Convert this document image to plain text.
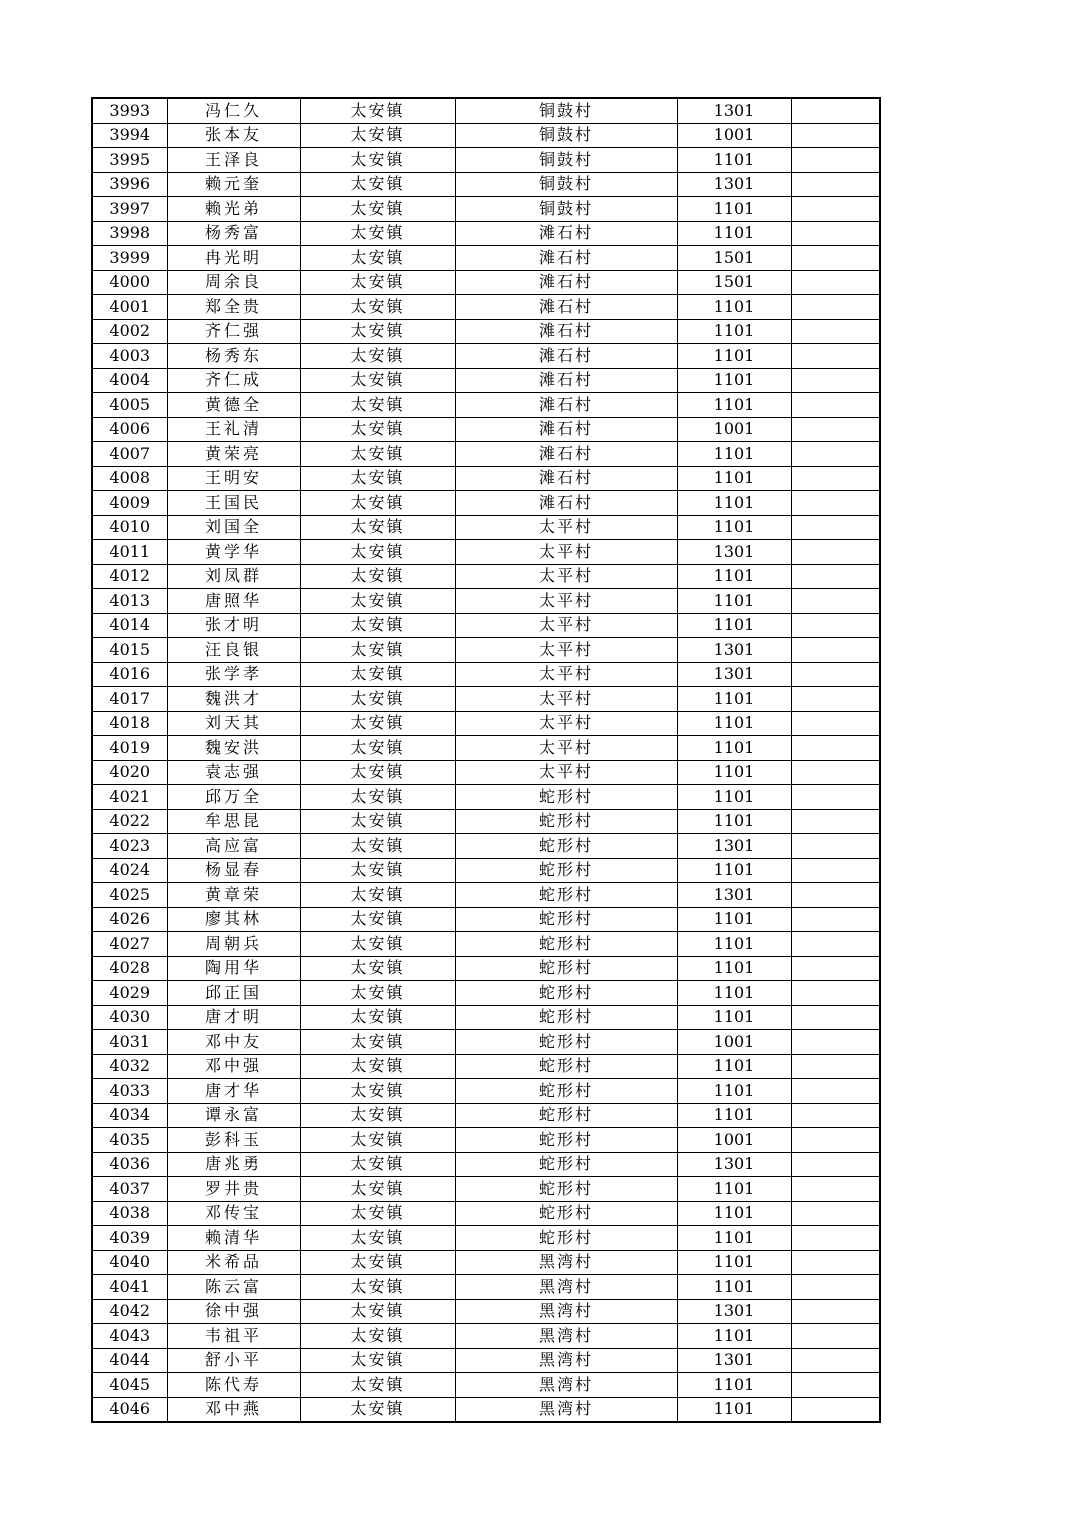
3993	冯仁久	太安镇	铜鼓村	1301	
3994	张本友	太安镇	铜鼓村	1001	
3995	王泽良	太安镇	铜鼓村	1101	
3996	赖元奎	太安镇	铜鼓村	1301	
3997	赖光弟	太安镇	铜鼓村	1101	
3998	杨秀富	太安镇	滩石村	1101	
3999	冉光明	太安镇	滩石村	1501	
4000	周余良	太安镇	滩石村	1501	
4001	郑全贵	太安镇	滩石村	1101	
4002	齐仁强	太安镇	滩石村	1101	
4003	杨秀东	太安镇	滩石村	1101	
4004	齐仁成	太安镇	滩石村	1101	
4005	黄德全	太安镇	滩石村	1101	
4006	王礼清	太安镇	滩石村	1001	
4007	黄荣亮	太安镇	滩石村	1101	
4008	王明安	太安镇	滩石村	1101	
4009	王国民	太安镇	滩石村	1101	
4010	刘国全	太安镇	太平村	1101	
4011	黄学华	太安镇	太平村	1301	
4012	刘凤群	太安镇	太平村	1101	
4013	唐照华	太安镇	太平村	1101	
4014	张才明	太安镇	太平村	1101	
4015	汪良银	太安镇	太平村	1301	
4016	张学孝	太安镇	太平村	1301	
4017	魏洪才	太安镇	太平村	1101	
4018	刘天其	太安镇	太平村	1101	
4019	魏安洪	太安镇	太平村	1101	
4020	袁志强	太安镇	太平村	1101	
4021	邱万全	太安镇	蛇形村	1101	
4022	牟思昆	太安镇	蛇形村	1101	
4023	高应富	太安镇	蛇形村	1301	
4024	杨显春	太安镇	蛇形村	1101	
4025	黄章荣	太安镇	蛇形村	1301	
4026	廖其林	太安镇	蛇形村	1101	
4027	周朝兵	太安镇	蛇形村	1101	
4028	陶用华	太安镇	蛇形村	1101	
4029	邱正国	太安镇	蛇形村	1101	
4030	唐才明	太安镇	蛇形村	1101	
4031	邓中友	太安镇	蛇形村	1001	
4032	邓中强	太安镇	蛇形村	1101	
4033	唐才华	太安镇	蛇形村	1101	
4034	谭永富	太安镇	蛇形村	1101	
4035	彭科玉	太安镇	蛇形村	1001	
4036	唐兆勇	太安镇	蛇形村	1301	
4037	罗井贵	太安镇	蛇形村	1101	
4038	邓传宝	太安镇	蛇形村	1101	
4039	赖清华	太安镇	蛇形村	1101	
4040	米希品	太安镇	黑湾村	1101	
4041	陈云富	太安镇	黑湾村	1101	
4042	徐中强	太安镇	黑湾村	1301	
4043	韦祖平	太安镇	黑湾村	1101	
4044	舒小平	太安镇	黑湾村	1301	
4045	陈代寿	太安镇	黑湾村	1101	
4046	邓中燕	太安镇	黑湾村	1101	
